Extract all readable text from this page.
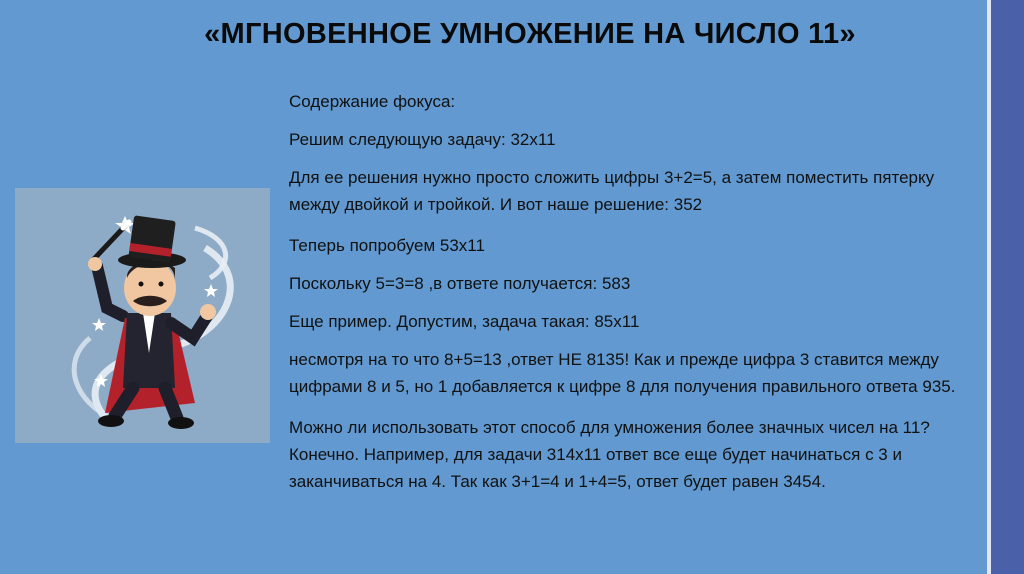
«МГНОВЕННОЕ УМНОЖЕНИЕ НА ЧИСЛО 11»

Содержание фокуса:

Решим следующую задачу: 32x11

Для ее решения нужно просто сложить цифры 3+2=5, а затем поместить пятерку между двойкой и тройкой. И вот наше решение: 352

Теперь попробуем 53х11

Поскольку 5=3=8 ,в ответе получается: 583

Еще пример. Допустим, задача такая: 85х11

несмотря на то что 8+5=13 ,ответ НЕ 8135! Как и прежде цифра 3 ставится между цифрами 8 и 5, но 1 добавляется к цифре 8 для получения правильного ответа 935.

Можно ли использовать этот способ для умножения более значных чисел на 11? Конечно. Например, для задачи 314x11 ответ все еще будет начинаться с 3 и заканчиваться на 4. Так как 3+1=4 и 1+4=5, ответ будет равен 3454.
